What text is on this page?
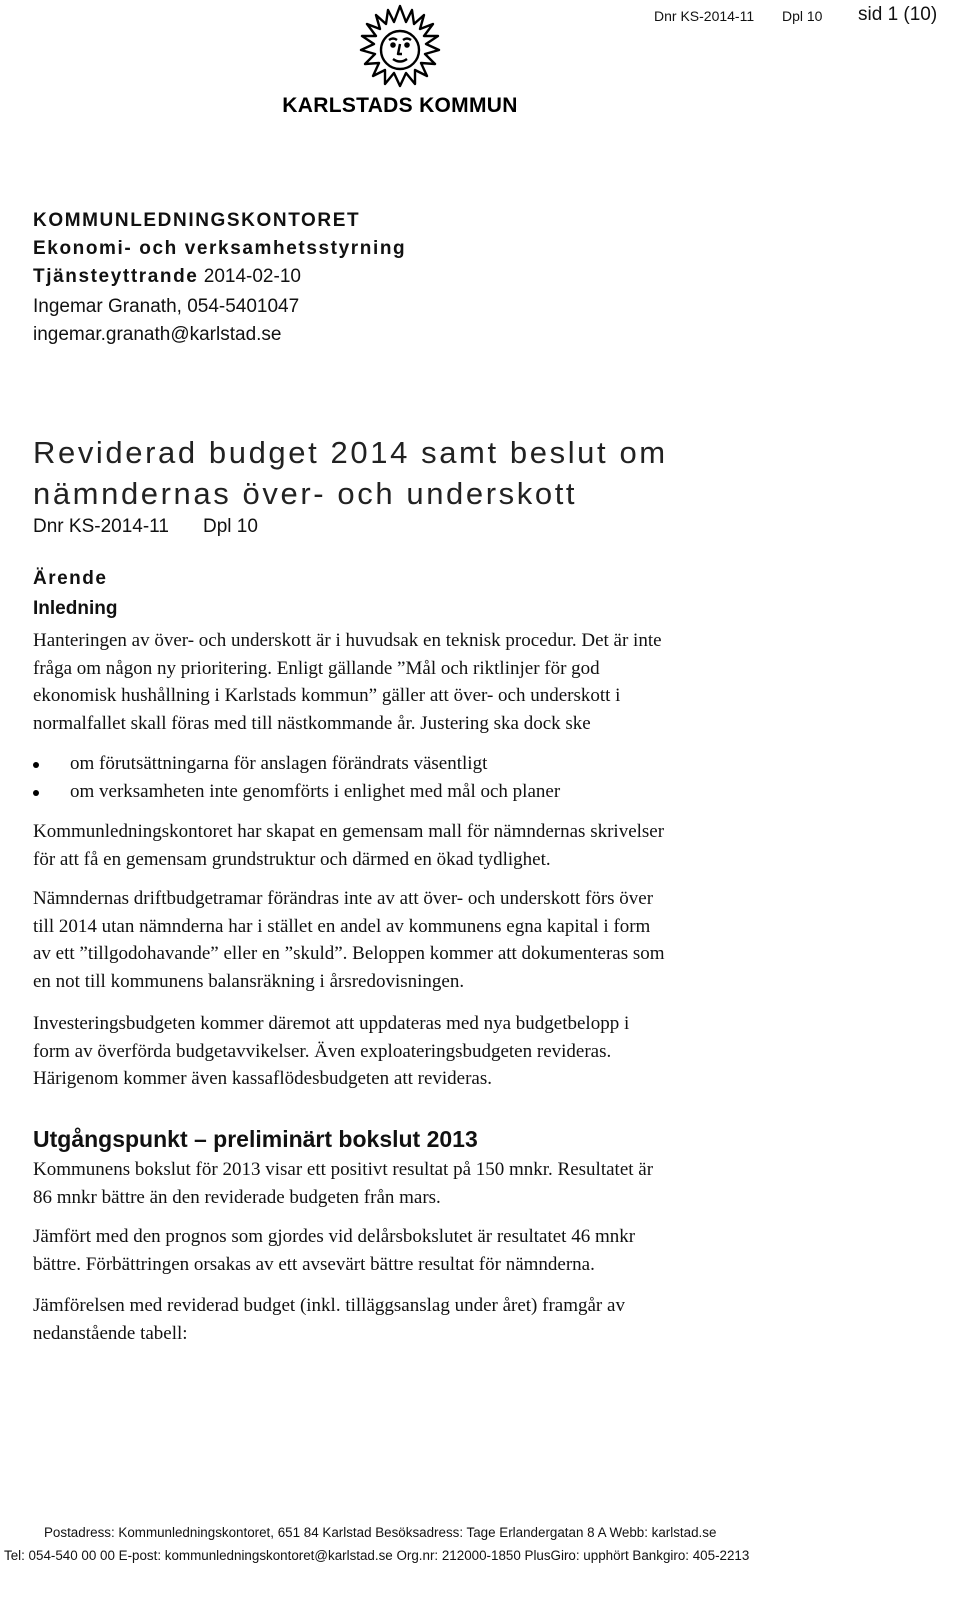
Dnr KS-2014-11 Dpl 10 sid 1 (10)
KARLSTADS KOMMUN
KOMMUNLEDNINGSKONTORET
Ekonomi- och verksamhetsstyrning
Tjänsteyttrande 2014-02-10
Ingemar Granath, 054-5401047
ingemar.granath@karlstad.se
Reviderad budget 2014 samt beslut om
nämndernas över- och underskott
Dnr KS-2014-11 Dpl 10
Ärende
Inledning
Hanteringen av över- och underskott är i huvudsak en teknisk procedur. Det är inte
fråga om någon ny prioritering. Enligt gällande ”Mål och riktlinjer för god
ekonomisk hushållning i Karlstads kommun” gäller att över- och underskott i
normalfallet skall föras med till nästkommande år. Justering ska dock ske
om förutsättningarna för anslagen förändrats väsentligt
om verksamheten inte genomförts i enlighet med mål och planer
Kommunledningskontoret har skapat en gemensam mall för nämndernas skrivelser
för att få en gemensam grundstruktur och därmed en ökad tydlighet.
Nämndernas driftbudgetramar förändras inte av att över- och underskott förs över
till 2014 utan nämnderna har i stället en andel av kommunens egna kapital i form
av ett ”tillgodohavande” eller en ”skuld”. Beloppen kommer att dokumenteras som
en not till kommunens balansräkning i årsredovisningen.
Investeringsbudgeten kommer däremot att uppdateras med nya budgetbelopp i
form av överförda budgetavvikelser. Även exploateringsbudgeten revideras.
Härigenom kommer även kassaflödesbudgeten att revideras.
Utgångspunkt – preliminärt bokslut 2013
Kommunens bokslut för 2013 visar ett positivt resultat på 150 mnkr. Resultatet är
86 mnkr bättre än den reviderade budgeten från mars.
Jämfört med den prognos som gjordes vid delårsbokslutet är resultatet 46 mnkr
bättre. Förbättringen orsakas av ett avsevärt bättre resultat för nämnderna.
Jämförelsen med reviderad budget (inkl. tilläggsanslag under året) framgår av
nedanstående tabell:
Postadress: Kommunledningskontoret, 651 84 Karlstad Besöksadress: Tage Erlandergatan 8 A Webb: karlstad.se
Tel: 054-540 00 00 E-post: kommunledningskontoret@karlstad.se Org.nr: 212000-1850 PlusGiro: upphört Bankgiro: 405-2213
